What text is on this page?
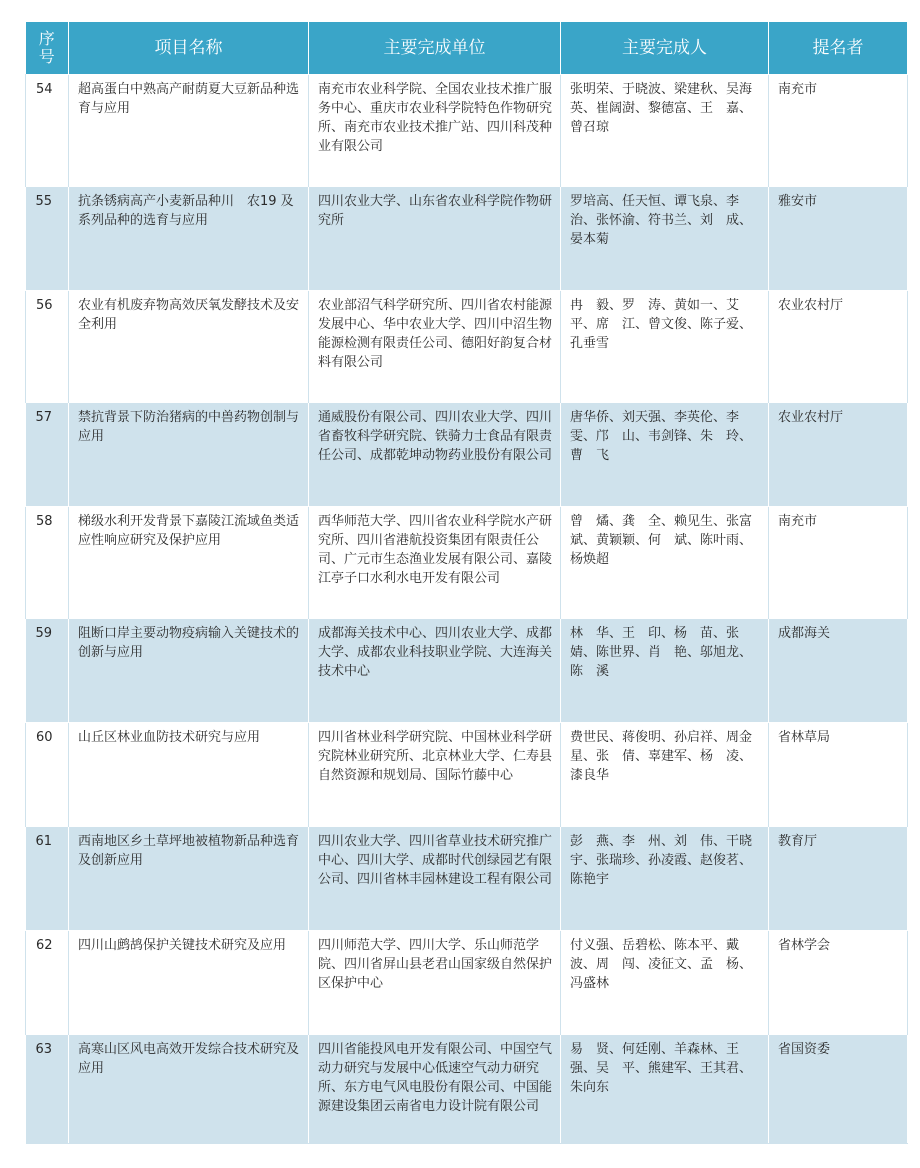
序号	项目名称	主要完成单位	主要完成人	提名者
54	超高蛋白中熟高产耐荫夏大豆新品种选育与应用	南充市农业科学院、全国农业技术推广服务中心、重庆市农业科学院特色作物研究所、南充市农业技术推广站、四川科茂种业有限公司	张明荣、于晓波、梁建秋、吴海英、崔阔澍、黎德富、王　嘉、曾召琼	南充市
55	抗条锈病高产小麦新品种川　农19 及系列品种的选育与应用	四川农业大学、山东省农业科学院作物研究所	罗培高、任天恒、谭飞泉、李　治、张怀渝、符书兰、刘　成、晏本菊	雅安市
56	农业有机废弃物高效厌氧发酵技术及安全利用	农业部沼气科学研究所、四川省农村能源发展中心、华中农业大学、四川中沼生物能源检测有限责任公司、德阳好韵复合材料有限公司	冉　毅、罗　涛、黄如一、艾　平、席　江、曾文俊、陈子爱、孔垂雪	农业农村厅
57	禁抗背景下防治猪病的中兽药物创制与应用	通威股份有限公司、四川农业大学、四川省畜牧科学研究院、铁骑力士食品有限责任公司、成都乾坤动物药业股份有限公司	唐华侨、刘天强、李英伦、李　雯、邝　山、韦剑锋、朱　玲、曹　飞	农业农村厅
58	梯级水利开发背景下嘉陵江流域鱼类适应性响应研究及保护应用	西华师范大学、四川省农业科学院水产研究所、四川省港航投资集团有限责任公司、广元市生态渔业发展有限公司、嘉陵江亭子口水利水电开发有限公司	曾　燏、龚　全、赖见生、张富斌、黄颖颖、何　斌、陈叶雨、杨焕超	南充市
59	阻断口岸主要动物疫病输入关键技术的创新与应用	成都海关技术中心、四川农业大学、成都大学、成都农业科技职业学院、大连海关技术中心	林　华、王　印、杨　苗、张　婧、陈世界、肖　艳、邬旭龙、陈　溪	成都海关
60	山丘区林业血防技术研究与应用	四川省林业科学研究院、中国林业科学研究院林业研究所、北京林业大学、仁寿县自然资源和规划局、国际竹藤中心	费世民、蒋俊明、孙启祥、周金星、张　倩、辜建军、杨　凌、漆良华	省林草局
61	西南地区乡土草坪地被植物新品种选育及创新应用	四川农业大学、四川省草业技术研究推广中心、四川大学、成都时代创绿园艺有限公司、四川省林丰园林建设工程有限公司	彭　燕、李　州、刘　伟、干晓宇、张瑞珍、孙凌霞、赵俊茗、陈艳宇	教育厅
62	四川山鹧鸪保护关键技术研究及应用	四川师范大学、四川大学、乐山师范学院、四川省屏山县老君山国家级自然保护区保护中心	付义强、岳碧松、陈本平、戴　波、周　闯、凌征文、孟　杨、冯盛林	省林学会
63	高寒山区风电高效开发综合技术研究及应用	四川省能投风电开发有限公司、中国空气动力研究与发展中心低速空气动力研究所、东方电气风电股份有限公司、中国能源建设集团云南省电力设计院有限公司	易　贤、何廷刚、羊森林、王　强、吴　平、熊建军、王其君、朱向东	省国资委
